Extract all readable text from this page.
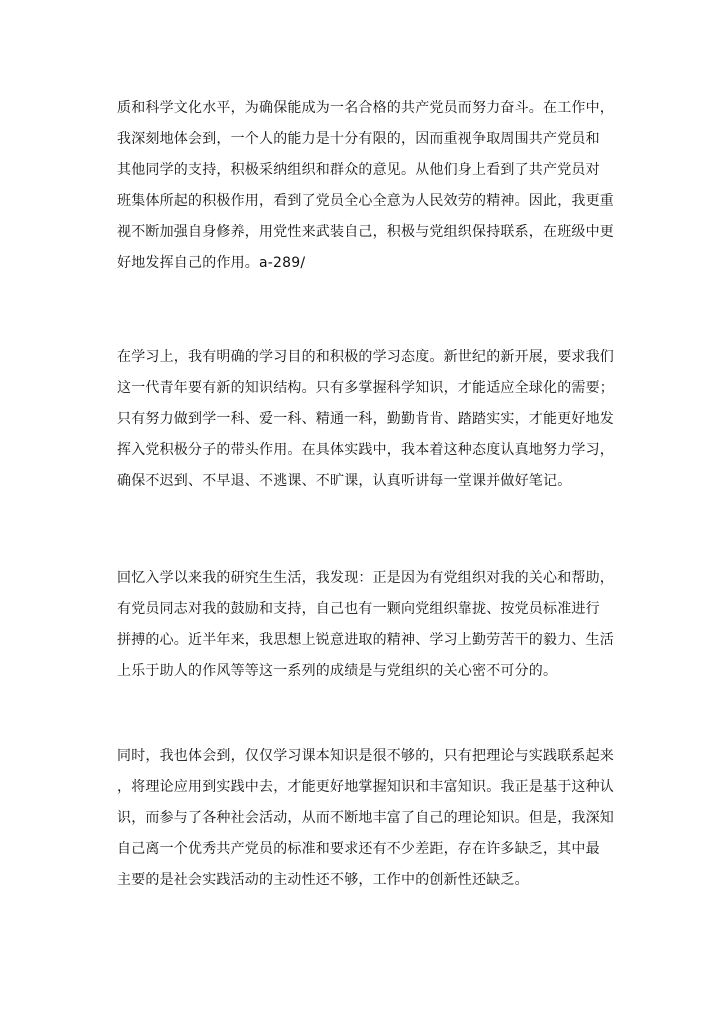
质和科学文化水平，为确保能成为一名合格的共产党员而努力奋斗。在工作中，
我深刻地体会到，一个人的能力是十分有限的，因而重视争取周围共产党员和
其他同学的支持，积极采纳组织和群众的意见。从他们身上看到了共产党员对
班集体所起的积极作用，看到了党员全心全意为人民效劳的精神。因此，我更重
视不断加强自身修养，用党性来武装自己，积极与党组织保持联系，在班级中更
好地发挥自己的作用。a-289/
在学习上，我有明确的学习目的和积极的学习态度。新世纪的新开展，要求我们
这一代青年要有新的知识结构。只有多掌握科学知识，才能适应全球化的需要；
只有努力做到学一科、爱一科、精通一科，勤勤肯肯、踏踏实实，才能更好地发
挥入党积极分子的带头作用。在具体实践中，我本着这种态度认真地努力学习，
确保不迟到、不早退、不逃课、不旷课，认真听讲每一堂课并做好笔记。
回忆入学以来我的研究生生活，我发现：正是因为有党组织对我的关心和帮助，
有党员同志对我的鼓励和支持，自己也有一颗向党组织靠拢、按党员标准进行
拼搏的心。近半年来，我思想上锐意进取的精神、学习上勤劳苦干的毅力、生活
上乐于助人的作风等等这一系列的成绩是与党组织的关心密不可分的。
同时，我也体会到，仅仅学习课本知识是很不够的，只有把理论与实践联系起来
，将理论应用到实践中去，才能更好地掌握知识和丰富知识。我正是基于这种认
识，而参与了各种社会活动，从而不断地丰富了自己的理论知识。但是，我深知
自己离一个优秀共产党员的标准和要求还有不少差距，存在许多缺乏，其中最
主要的是社会实践活动的主动性还不够，工作中的创新性还缺乏。
